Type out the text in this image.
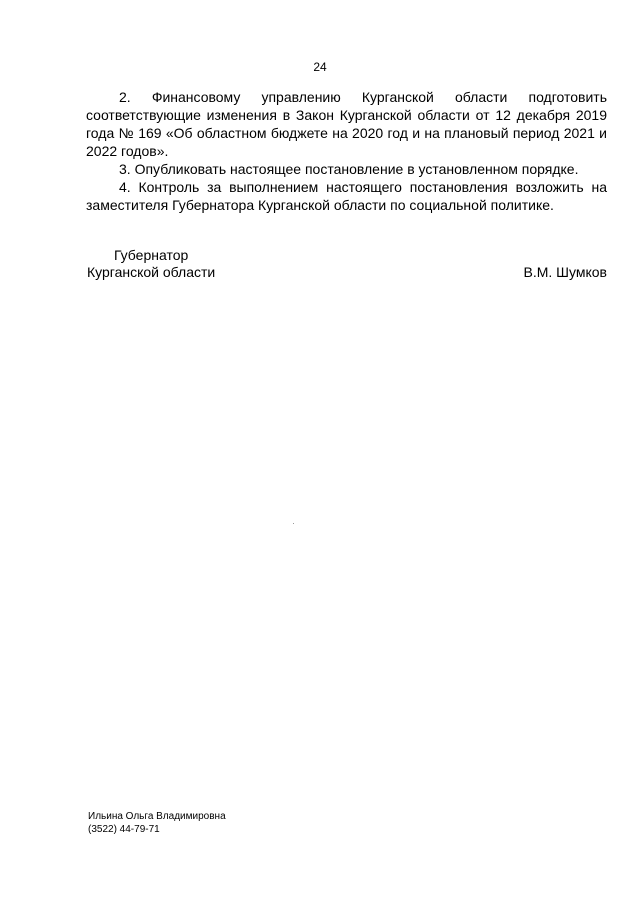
24

2. Финансовому управлению Курганской области подготовить соответствующие изменения в Закон Курганской области от 12 декабря 2019 года № 169 «Об областном бюджете на 2020 год и на плановый период 2021 и 2022 годов».

3. Опубликовать настоящее постановление в установленном порядке.

4. Контроль за выполнением настоящего постановления возложить на заместителя Губернатора Курганской области по социальной политике.

Губернатор
Курганской области	В.М. Шумков
Ильина Ольга Владимировна
(3522) 44-79-71
